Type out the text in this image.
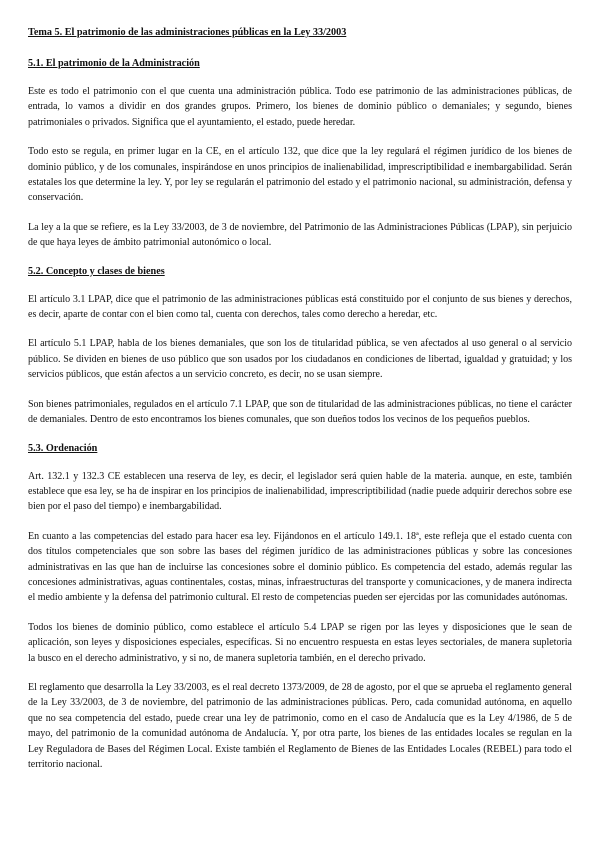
Tema 5. El patrimonio de las administraciones públicas en la Ley 33/2003
5.1. El patrimonio de la Administración

Este es todo el patrimonio con el que cuenta una administración pública. Todo ese patrimonio de las administraciones públicas, de entrada, lo vamos a dividir en dos grandes grupos. Primero, los bienes de dominio público o demaniales; y segundo, bienes patrimoniales o privados. Significa que el ayuntamiento, el estado, puede heredar.

Todo esto se regula, en primer lugar en la CE, en el artículo 132, que dice que la ley regulará el régimen jurídico de los bienes de dominio público, y de los comunales, inspirándose en unos principios de inalienabilidad, imprescriptibilidad e inembargabilidad. Serán estatales los que determine la ley. Y, por ley se regularán el patrimonio del estado y el patrimonio nacional, su administración, defensa y conservación.

La ley a la que se refiere, es la Ley 33/2003, de 3 de noviembre, del Patrimonio de las Administraciones Públicas (LPAP), sin perjuicio de que haya leyes de ámbito patrimonial autonómico o local.

5.2. Concepto y clases de bienes

El artículo 3.1 LPAP, dice que el patrimonio de las administraciones públicas está constituido por el conjunto de sus bienes y derechos, es decir, aparte de contar con el bien como tal, cuenta con derechos, tales como derecho a heredar, etc.

El artículo 5.1 LPAP, habla de los bienes demaniales, que son los de titularidad pública, se ven afectados al uso general o al servicio público. Se dividen en bienes de uso público que son usados por los ciudadanos en condiciones de libertad, igualdad y gratuidad; y los servicios públicos, que están afectos a un servicio concreto, es decir, no se usan siempre.

Son bienes patrimoniales, regulados en el artículo 7.1 LPAP, que son de titularidad de las administraciones públicas, no tiene el carácter de demaniales. Dentro de esto encontramos los bienes comunales, que son dueños todos los vecinos de los pequeños pueblos.

5.3. Ordenación

Art. 132.1 y 132.3 CE establecen una reserva de ley, es decir, el legislador será quien hable de la materia. aunque, en este, también establece que esa ley, se ha de inspirar en los principios de inalienabilidad, imprescriptibilidad (nadie puede adquirir derechos sobre ese bien por el paso del tiempo) e inembargabilidad.

En cuanto a las competencias del estado para hacer esa ley. Fijándonos en el artículo 149.1. 18ª, este refleja que el estado cuenta con dos títulos competenciales que son sobre las bases del régimen jurídico de las administraciones públicas y sobre las concesiones administrativas en las que han de incluirse las concesiones sobre el dominio público. Es competencia del estado, además regular las concesiones administrativas, aguas continentales, costas, minas, infraestructuras del transporte y comunicaciones, y de manera indirecta el medio ambiente y la defensa del patrimonio cultural. El resto de competencias pueden ser ejercidas por las comunidades autónomas.

Todos los bienes de dominio público, como establece el artículo 5.4 LPAP se rigen por las leyes y disposiciones que le sean de aplicación, son leyes y disposiciones especiales, específicas. Si no encuentro respuesta en estas leyes sectoriales, de manera supletoria la busco en el derecho administrativo, y si no, de manera supletoria también, en el derecho privado.

El reglamento que desarrolla la Ley 33/2003, es el real decreto 1373/2009, de 28 de agosto, por el que se aprueba el reglamento general de la Ley 33/2003, de 3 de noviembre, del patrimonio de las administraciones públicas. Pero, cada comunidad autónoma, en aquello que no sea competencia del estado, puede crear una ley de patrimonio, como en el caso de Andalucía que es la Ley 4/1986, de 5 de mayo, del patrimonio de la comunidad autónoma de Andalucía. Y, por otra parte, los bienes de las entidades locales se regulan en la Ley Reguladora de Bases del Régimen Local. Existe también el Reglamento de Bienes de las Entidades Locales (REBEL) para todo el territorio nacional.
